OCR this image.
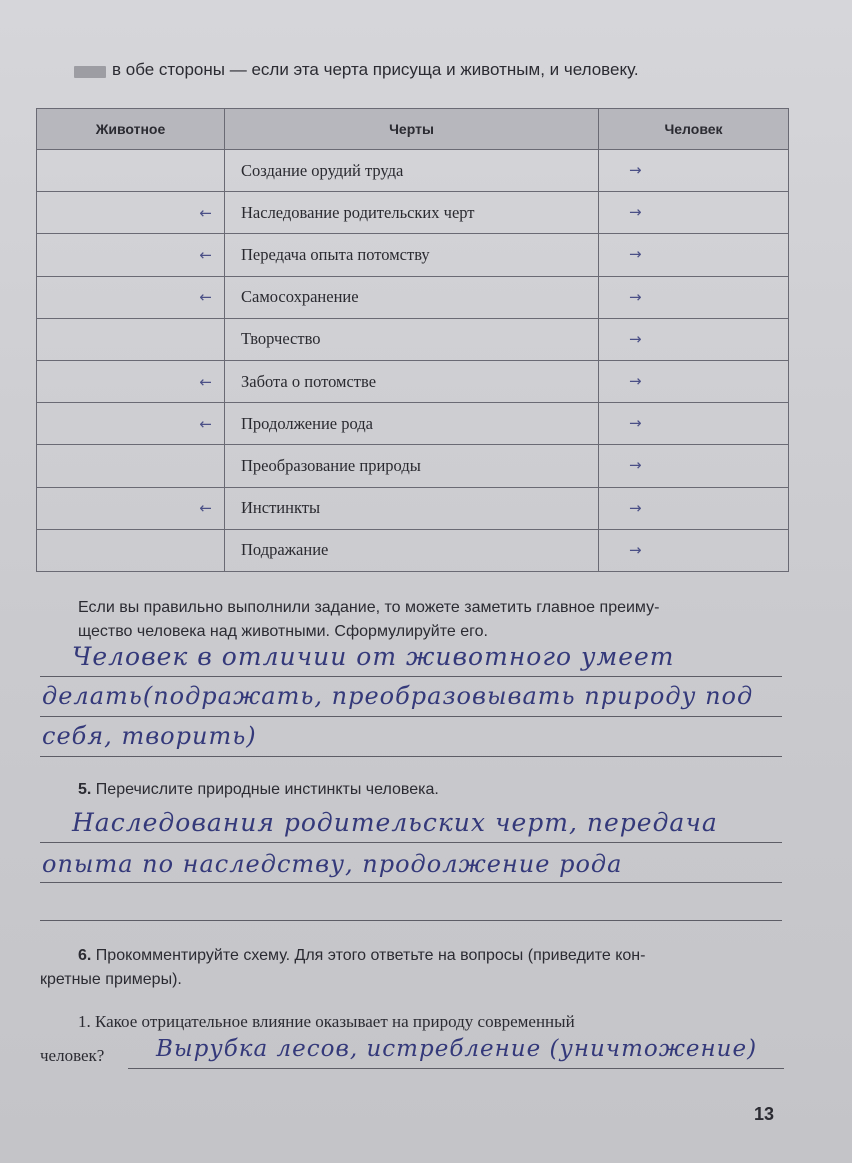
в обе стороны — если эта черта присуща и животным, и человеку.
Животное	Черты	Человек

	Создание орудий труда	→

←	Наследование родительских черт	→

←	Передача опыта потомству	→

←	Самосохранение	→

	Творчество	→

←	Забота о потомстве	→

←	Продолжение рода	→

	Преобразование природы	→

←	Инстинкты	→

	Подражание	→
Если вы правильно выполнили задание, то можете заметить главное преиму-
щество человека над животными. Сформулируйте его.
Человек в отличии от животного умеет
делать(подражать, преобразовывать природу под
себя, творить)
5. Перечислите природные инстинкты человека.
Наследования родительских черт, передача
опыта по наследству, продолжение рода
6. Прокомментируйте схему. Для этого ответьте на вопросы (приведите кон-
кретные примеры).
1. Какое отрицательное влияние оказывает на природу современный
человек? Вырубка лесов, истребление (уничтожение)
13
